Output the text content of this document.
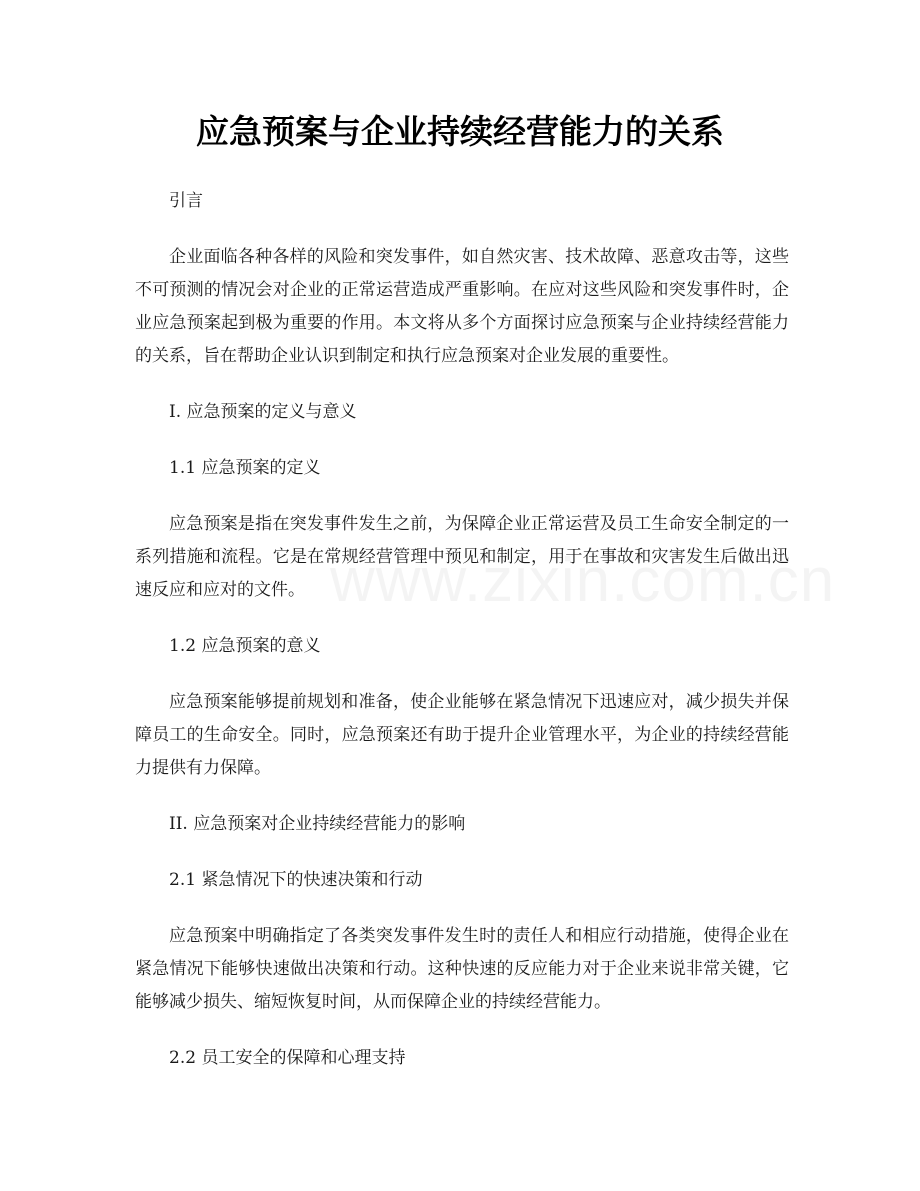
应急预案与企业持续经营能力的关系
引言

企业面临各种各样的风险和突发事件，如自然灾害、技术故障、恶意攻击等，这些不可预测的情况会对企业的正常运营造成严重影响。在应对这些风险和突发事件时，企业应急预案起到极为重要的作用。本文将从多个方面探讨应急预案与企业持续经营能力的关系，旨在帮助企业认识到制定和执行应急预案对企业发展的重要性。

I. 应急预案的定义与意义
1.1 应急预案的定义

应急预案是指在突发事件发生之前，为保障企业正常运营及员工生命安全制定的一系列措施和流程。它是在常规经营管理中预见和制定，用于在事故和灾害发生后做出迅速反应和应对的文件。

1.2 应急预案的意义

应急预案能够提前规划和准备，使企业能够在紧急情况下迅速应对，减少损失并保障员工的生命安全。同时，应急预案还有助于提升企业管理水平，为企业的持续经营能力提供有力保障。

II. 应急预案对企业持续经营能力的影响
2.1 紧急情况下的快速决策和行动

应急预案中明确指定了各类突发事件发生时的责任人和相应行动措施，使得企业在紧急情况下能够快速做出决策和行动。这种快速的反应能力对于企业来说非常关键，它能够减少损失、缩短恢复时间，从而保障企业的持续经营能力。

2.2 员工安全的保障和心理支持
